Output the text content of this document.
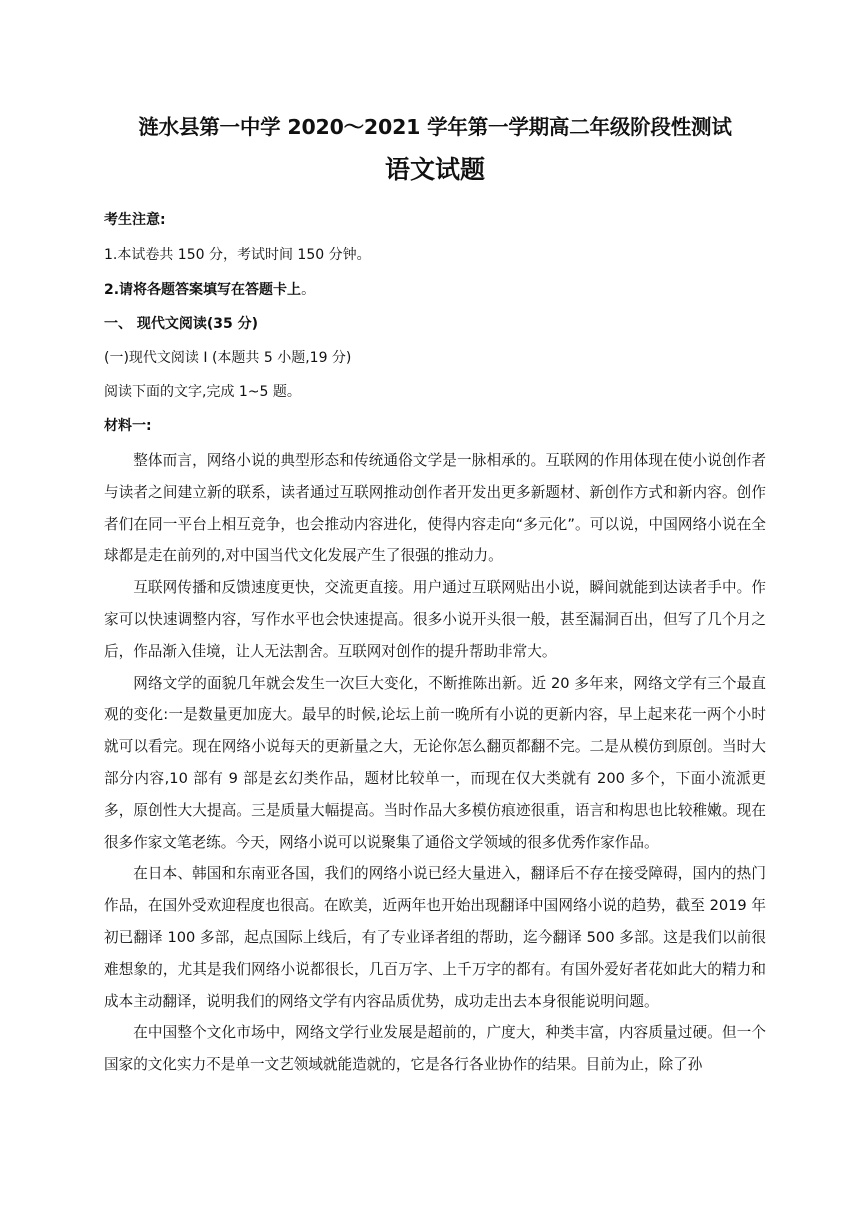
涟水县第一中学 2020～2021 学年第一学期高二年级阶段性测试
语文试题

考生注意:

1.本试卷共 150 分，考试时间 150 分钟。

2.请将各题答案填写在答题卡上。

一、 现代文阅读(35 分)

(一)现代文阅读 I (本题共 5 小题,19 分)

阅读下面的文字,完成 1~5 题。

材料一:

整体而言，网络小说的典型形态和传统通俗文学是一脉相承的。互联网的作用体现在使小说创作者与读者之间建立新的联系，读者通过互联网推动创作者开发出更多新题材、新创作方式和新内容。创作者们在同一平台上相互竞争，也会推动内容进化，使得内容走向“多元化”。可以说，中国网络小说在全球都是走在前列的,对中国当代文化发展产生了很强的推动力。

互联网传播和反馈速度更快，交流更直接。用户通过互联网贴出小说，瞬间就能到达读者手中。作家可以快速调整内容，写作水平也会快速提高。很多小说开头很一般，甚至漏洞百出，但写了几个月之后，作品渐入佳境，让人无法割舍。互联网对创作的提升帮助非常大。

网络文学的面貌几年就会发生一次巨大变化，不断推陈出新。近 20 多年来，网络文学有三个最直观的变化:一是数量更加庞大。最早的时候,论坛上前一晚所有小说的更新内容，早上起来花一两个小时就可以看完。现在网络小说每天的更新量之大，无论你怎么翻页都翻不完。二是从模仿到原创。当时大部分内容,10 部有 9 部是玄幻类作品，题材比较单一，而现在仅大类就有 200 多个，下面小流派更多，原创性大大提高。三是质量大幅提高。当时作品大多模仿痕迹很重，语言和构思也比较稚嫩。现在很多作家文笔老练。今天，网络小说可以说聚集了通俗文学领域的很多优秀作家作品。

在日本、韩国和东南亚各国，我们的网络小说已经大量进入，翻译后不存在接受障碍，国内的热门作品，在国外受欢迎程度也很高。在欧美，近两年也开始出现翻译中国网络小说的趋势，截至 2019 年初已翻译 100 多部，起点国际上线后，有了专业译者组的帮助，迄今翻译 500 多部。这是我们以前很难想象的，尤其是我们网络小说都很长，几百万字、上千万字的都有。有国外爱好者花如此大的精力和成本主动翻译，说明我们的网络文学有内容品质优势，成功走出去本身很能说明问题。

在中国整个文化市场中，网络文学行业发展是超前的，广度大，种类丰富，内容质量过硬。但一个国家的文化实力不是单一文艺领域就能造就的，它是各行各业协作的结果。目前为止，除了孙
